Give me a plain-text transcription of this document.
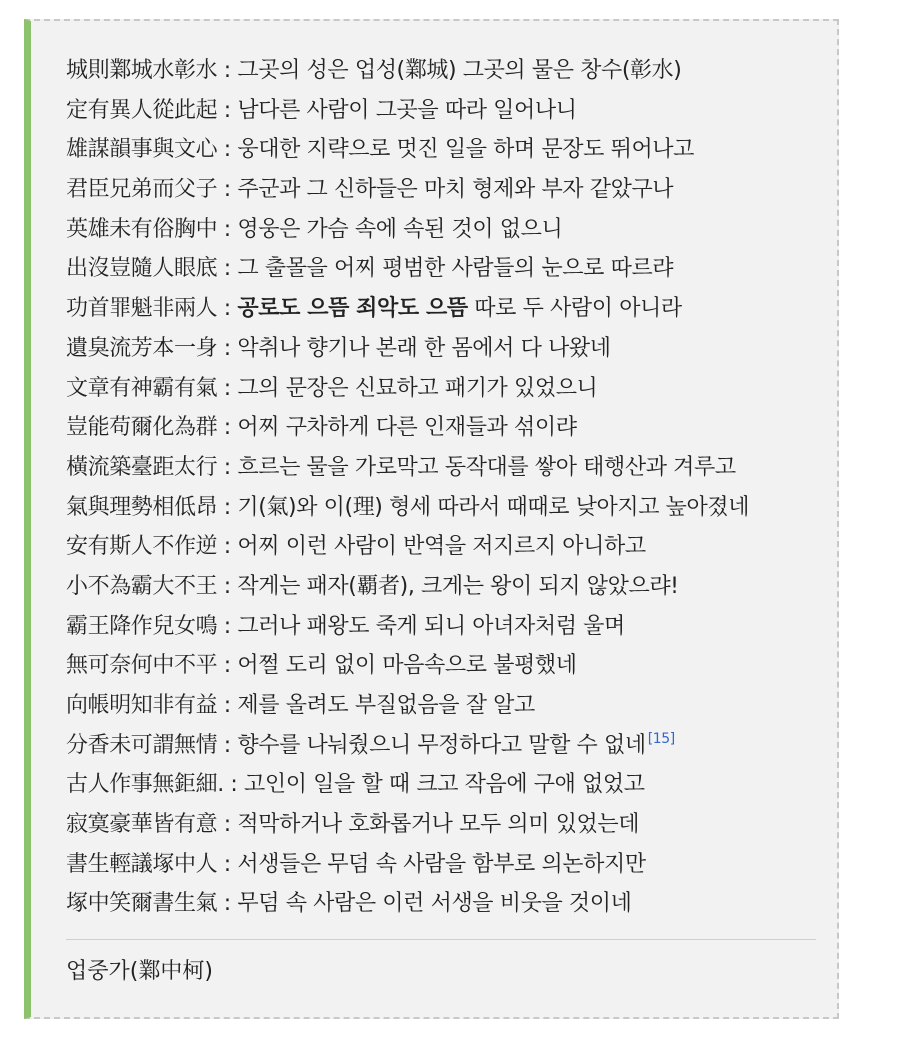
城則鄴城水彰水 : 그곳의 성은 업성(鄴城) 그곳의 물은 창수(彰水)
定有異人從此起 : 남다른 사람이 그곳을 따라 일어나니
雄謀韻事與文心 : 웅대한 지략으로 멋진 일을 하며 문장도 뛰어나고
君臣兄弟而父子 : 주군과 그 신하들은 마치 형제와 부자 같았구나
英雄未有俗胸中 : 영웅은 가슴 속에 속된 것이 없으니
出沒豈隨人眼底 : 그 출몰을 어찌 평범한 사람들의 눈으로 따르랴
功首罪魁非兩人 : 공로도 으뜸 죄악도 으뜸 따로 두 사람이 아니라
遺臭流芳本一身 : 악취나 향기나 본래 한 몸에서 다 나왔네
文章有神霸有氣 : 그의 문장은 신묘하고 패기가 있었으니
豈能苟爾化為群 : 어찌 구차하게 다른 인재들과 섞이랴
橫流築臺距太行 : 흐르는 물을 가로막고 동작대를 쌓아 태행산과 겨루고
氣與理勢相低昂 : 기(氣)와 이(理) 형세 따라서 때때로 낮아지고 높아졌네
安有斯人不作逆 : 어찌 이런 사람이 반역을 저지르지 아니하고
小不為霸大不王 : 작게는 패자(覇者), 크게는 왕이 되지 않았으랴!
霸王降作兒女鳴 : 그러나 패왕도 죽게 되니 아녀자처럼 울며
無可奈何中不平 : 어쩔 도리 없이 마음속으로 불평했네
向帳明知非有益 : 제를 올려도 부질없음을 잘 알고
分香未可謂無情 : 향수를 나눠줬으니 무정하다고 말할 수 없네 [15]
古人作事無鉅細. : 고인이 일을 할 때 크고 작음에 구애 없었고
寂寞豪華皆有意 : 적막하거나 호화롭거나 모두 의미 있었는데
書生輕議塚中人 : 서생들은 무덤 속 사람을 함부로 의논하지만
塚中笑爾書生氣 : 무덤 속 사람은 이런 서생을 비웃을 것이네
업중가(鄴中柯)
